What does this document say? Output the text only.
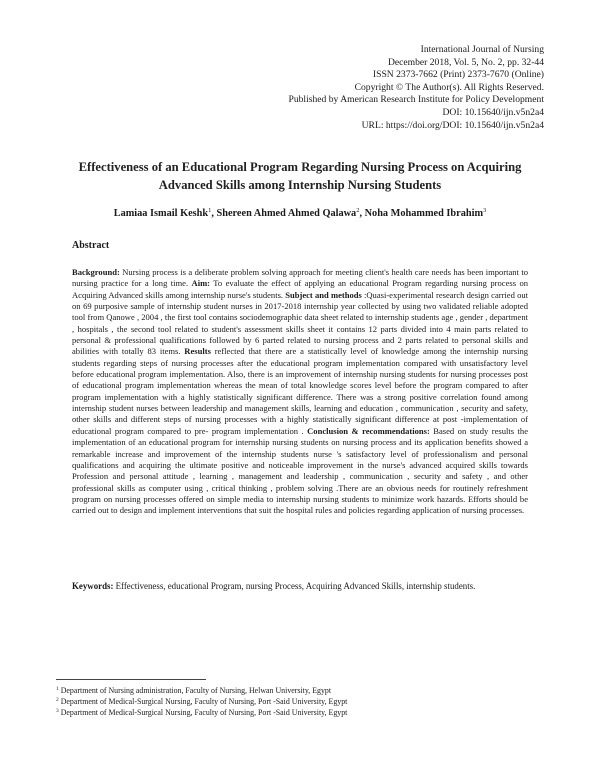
International Journal of Nursing
December 2018, Vol. 5, No. 2, pp. 32-44
ISSN 2373-7662 (Print) 2373-7670 (Online)
Copyright © The Author(s). All Rights Reserved.
Published by American Research Institute for Policy Development
DOI: 10.15640/ijn.v5n2a4
URL: https://doi.org/DOI: 10.15640/ijn.v5n2a4
Effectiveness of an Educational Program Regarding Nursing Process on Acquiring
Advanced Skills among Internship Nursing Students
Lamiaa Ismail Keshk$^1$, Shereen Ahmed Ahmed Qalawa$^2$, Noha Mohammed Ibrahim$^3$
Abstract
Background: Nursing process is a deliberate problem solving approach for meeting client's health care needs has been important to nursing practice for a long time. Aim: To evaluate the effect of applying an educational Program regarding nursing process on Acquiring Advanced skills among internship nurse's students. Subject and methods :Quasi-experimental research design carried out on 69 purposive sample of internship student nurses in 2017-2018 internship year collected by using two validated reliable adopted tool from Qanowe , 2004 , the first tool contains sociodemographic data sheet related to internship students age , gender , department , hospitals , the second tool related to student's assessment skills sheet it contains 12 parts divided into 4 main parts related to personal & professional qualifications followed by 6 parted related to nursing process and 2 parts related to personal skills and abilities with totally 83 items. Results reflected that there are a statistically level of knowledge among the internship nursing students regarding steps of nursing processes after the educational program implementation compared with unsatisfactory level before educational program implementation. Also, there is an improvement of internship nursing students for nursing processes post of educational program implementation whereas the mean of total knowledge scores level before the program compared to after program implementation with a highly statistically significant difference. There was a strong positive correlation found among internship student nurses between leadership and management skills, learning and education , communication , security and safety, other skills and different steps of nursing processes with a highly statistically significant difference at post -implementation of educational program compared to pre- program implementation . Conclusion & recommendations: Based on study results the implementation of an educational program for internship nursing students on nursing process and its application benefits showed a remarkable increase and improvement of the internship students nurse 's satisfactory level of professionalism and personal qualifications and acquiring the ultimate positive and noticeable improvement in the nurse's advanced acquired skills towards Profession and personal attitude , learning , management and leadership , communication , security and safety , and other professional skills as computer using , critical thinking , problem solving .There are an obvious needs for routinely refreshment program on nursing processes offered on simple media to internship nursing students to minimize work hazards. Efforts should be carried out to design and implement interventions that suit the hospital rules and policies regarding application of nursing processes.
Keywords: Effectiveness, educational Program, nursing Process, Acquiring Advanced Skills, internship students.
$^1$ Department of Nursing administration, Faculty of Nursing, Helwan University, Egypt
$^2$ Department of Medical-Surgical Nursing, Faculty of Nursing, Port -Said University, Egypt
$^3$ Department of Medical-Surgical Nursing, Faculty of Nursing, Port -Said University, Egypt
